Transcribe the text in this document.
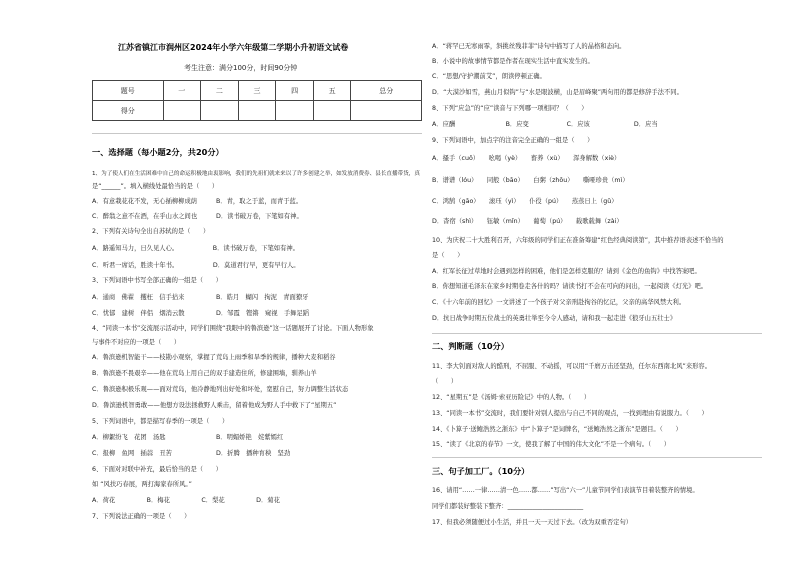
江苏省镇江市润州区2024年小学六年级第二学期小升初语文试卷
考生注意：满分100分，时间90分钟
题号	一	二	三	四	五	总分
得分						
一、选择题（每小题2分，共20分）
1、为了使人们在生活困难中自己的命运积极地由衷影响，我们的先祖们就来来以了许多创建之举，如发放消费券、县长直播带货，真
是“______”。填入横线处最恰当的是（　　）
A．有意栽花花不发，无心插柳柳成荫　　　B．青，取之于蓝，而青于蓝。
C．醉翁之意不在酒，在乎山水之间也　　　D．读书破万卷，下笔如有神。
2、下列有关诗句全出自苏轼的是（　　）
A．路遥知马力，日久见人心。　　　　　　B．读书破万卷，下笔如有神。
C．听君一席话，胜读十年书。　　　　　　D．莫道君行早，更有早行人。
3、下列词语中书写全部正确的一组是（　　）
A．通商　佛翟　攫枉　信手拈来　　　　　B．皓月　蝴闪　拘泥　青面獠牙
C．忧郁　建树　伴侣　烟消云散　　　　　D．邹霞　铿锵　窥视　手舞足蹈
4、“同读一本书”交流展示活动中，同学们围绕“我眼中的鲁滨逊”这一话题展开了讨论。下面人物形象
与事件不对应的一项是（　　）
A．鲁滨逊机智能干——枝勘小观察，掌握了荒岛上雨季和旱季的规律，播种大麦和稻谷
B．鲁滨逊不畏艰辛——他在荒岛上用自己的双手建造住所，修建围墙，驯养山羊
C．鲁滨逊积极乐观——面对荒岛，他冷静地列出好处和坏处，宽慰自己，努力调整生活状态
D．鲁滨逊机智勇敢——他想方设法拯救野人乘击，留着他成为野人手中救下了“星期五”
5、下列词语中，都是描写春季的一项是（　　）
A．柳絮纷飞　花团　汤匙　　　　　　　　B．明媚娇艳　姹紫嫣红
C．报柳　鱼网　插蒜　丑苦　　　　　　　D．折腾　播种育秧　坚劲
6、下面对对联中补充，最后恰当的是（　　）
如 “风扶巧春展，两打海家春所风。”
A．荷花　　　　　B．梅花　　　　　C．梨花　　　　　D．菊花
7、下列说法正确的一项是（　　）
A．“蒋罕已无寒雨霏，斜挑丝残菲菲”诗句中描写了人的晶格和态向。
B．小说中的故事情节都是作者在现实生活中直实发生的。
C．“思想/守护潮前艾”，朗读停顿正确。
D．“大漠沙如雪，燕山月似钩”与“水是眼波横，山是眉峰聚”两句用的都是修辞手法不同。
8、下列“应急”的“应”读音与下列哪一项相同？（　　）
A．应酬　　　　　　　　B．应变　　　　　　C．应该　　　　　　　D．应当
9、下列词语中，加点字的注音完全正确的一组是（　　）
A．搔手（cuō）　　吆喝（yè）　　畜养（xù）　　浑身解数（xiè）
B．谱谱（lóu）　　同般（bāo）　　白粥（zhōu）　　嘶哑珍贵（mì）
C．鸿鹄（gāo）　　滚珏（yì）　　仆役（pú）　　蒸蒸日上（gǔ）
D．杳宿（shì）　　钰敏（mǐn）　　葡萄（pú）　　载歌载舞（zài）
10、为庆祝二十大胜利召开，六年级的同学们正在准备筹建“红色经典阅读第”，其中推荐语表述不恰当的
是（　　）
A．红军长征过草地时会遇到怎样的困难，他们是怎样克服的？请到《金色的鱼钩》中找答案吧。
B．你想知道毛泽东在家乡时期卷走各什的吗？请读书打不会在可向的问出，一起阅读《灯光》吧。
C．《十六年前的回忆》一文讲述了一个孩子对父亲刑赴拘谷的忆记，父亲的高华风禁大利。
D．抗日战争时期五位战士的英勇壮举至今令人感动，请和我一起走进《狼牙山五壮士》
二、判断题（10分）
11、李大钊面对敌人的酷刑，不屈服、不动摇，可以用“千磨万击还坚劲，任尔东西南北风”来形容。
（　　）
12、“星期五”是《汤姆·索亚历险记》中的人物。（　　）
13、“同读一本书”交流时，我们要针对别人提出与自己不同的观点，一找到理由有说服力。（　　）
14、《卜算子·送鲍浩然之浙东》中“卜算子”是词牌名，“送鲍浩然之浙东”是题目。（　　）
15、“读了《北京的春节》一文，使我了解了中国的伟大文化”不是一个病句。（　　）
三、句子加工厂。（10分）
16、请用“……一律……清一色……都……”写出“六一”儿童节同学们表演节目着装整齐的情境。
同学们都装好整装下整齐：________________________
17、但我必须随便过小生活，并且一天一天过下去。（改为双重否定句）
